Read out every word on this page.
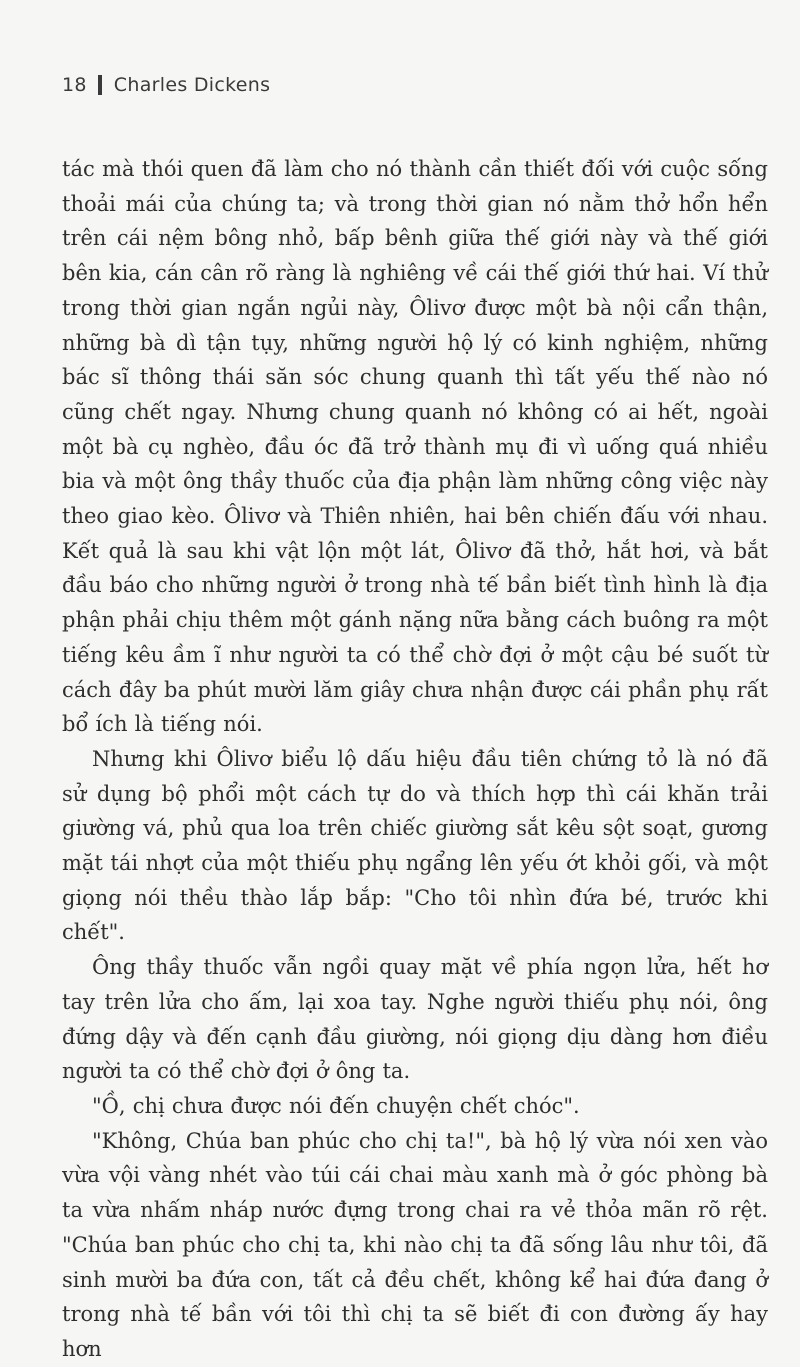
18 Charles Dickens

tác mà thói quen đã làm cho nó thành cần thiết đối với cuộc sống thoải mái của chúng ta; và trong thời gian nó nằm thở hổn hển trên cái nệm bông nhỏ, bấp bênh giữa thế giới này và thế giới bên kia, cán cân rõ ràng là nghiêng về cái thế giới thứ hai. Ví thử trong thời gian ngắn ngủi này, Ôlivơ được một bà nội cẩn thận, những bà dì tận tụy, những người hộ lý có kinh nghiệm, những bác sĩ thông thái săn sóc chung quanh thì tất yếu thế nào nó cũng chết ngay. Nhưng chung quanh nó không có ai hết, ngoài một bà cụ nghèo, đầu óc đã trở thành mụ đi vì uống quá nhiều bia và một ông thầy thuốc của địa phận làm những công việc này theo giao kèo. Ôlivơ và Thiên nhiên, hai bên chiến đấu với nhau. Kết quả là sau khi vật lộn một lát, Ôlivơ đã thở, hắt hơi, và bắt đầu báo cho những người ở trong nhà tế bần biết tình hình là địa phận phải chịu thêm một gánh nặng nữa bằng cách buông ra một tiếng kêu ầm ĩ như người ta có thể chờ đợi ở một cậu bé suốt từ cách đây ba phút mười lăm giây chưa nhận được cái phần phụ rất bổ ích là tiếng nói.

Nhưng khi Ôlivơ biểu lộ dấu hiệu đầu tiên chứng tỏ là nó đã sử dụng bộ phổi một cách tự do và thích hợp thì cái khăn trải giường vá, phủ qua loa trên chiếc giường sắt kêu sột soạt, gương mặt tái nhợt của một thiếu phụ ngẩng lên yếu ớt khỏi gối, và một giọng nói thều thào lắp bắp: "Cho tôi nhìn đứa bé, trước khi chết".

Ông thầy thuốc vẫn ngồi quay mặt về phía ngọn lửa, hết hơ tay trên lửa cho ấm, lại xoa tay. Nghe người thiếu phụ nói, ông đứng dậy và đến cạnh đầu giường, nói giọng dịu dàng hơn điều người ta có thể chờ đợi ở ông ta.

"Ồ, chị chưa được nói đến chuyện chết chóc".

"Không, Chúa ban phúc cho chị ta!", bà hộ lý vừa nói xen vào vừa vội vàng nhét vào túi cái chai màu xanh mà ở góc phòng bà ta vừa nhấm nháp nước đựng trong chai ra vẻ thỏa mãn rõ rệt. "Chúa ban phúc cho chị ta, khi nào chị ta đã sống lâu như tôi, đã sinh mười ba đứa con, tất cả đều chết, không kể hai đứa đang ở trong nhà tế bần với tôi thì chị ta sẽ biết đi con đường ấy hay hơn
